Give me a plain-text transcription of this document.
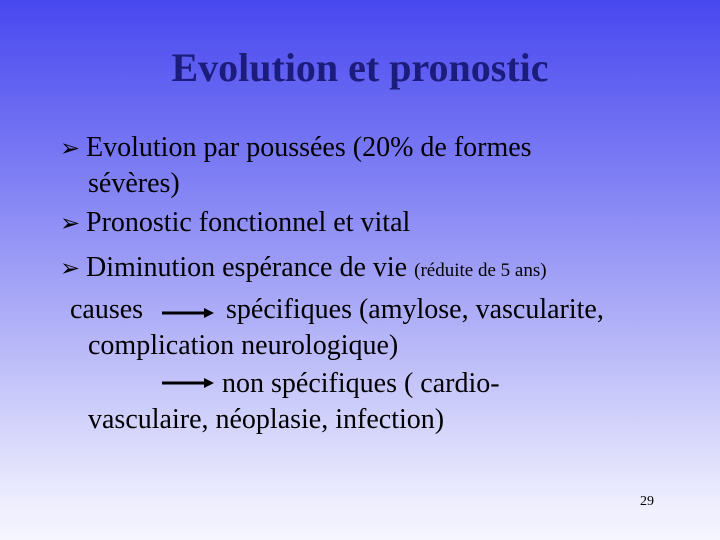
Evolution et pronostic
➢ Evolution par poussées (20% de formes
sévères)
➢ Pronostic fonctionnel et vital
➢ Diminution espérance de vie (réduite de 5 ans)
causes	spécifiques (amylose, vascularite,
complication neurologique)
non spécifiques ( cardio-
vasculaire, néoplasie, infection)
29
